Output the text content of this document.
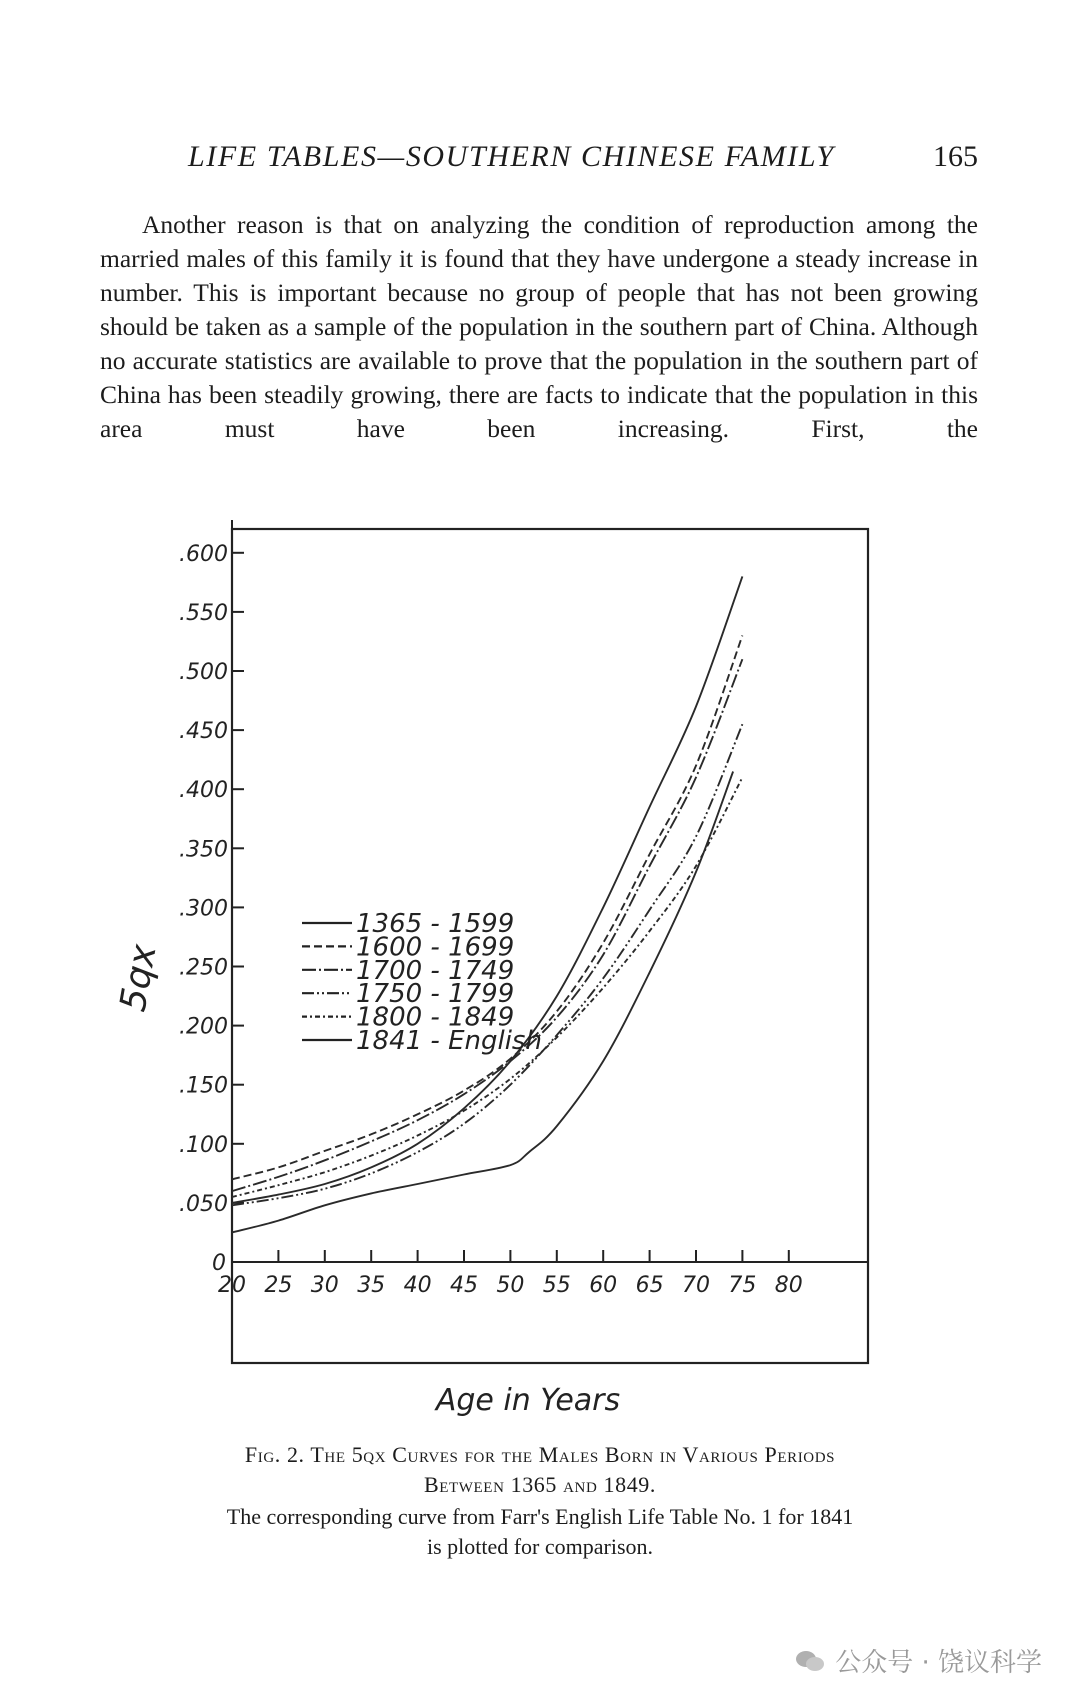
LIFE TABLES—SOUTHERN CHINESE FAMILY	165

Another reason is that on analyzing the condition of reproduction among the married males of this family it is found that they have undergone a steady increase in number. This is important because no group of people that has not been growing should be taken as a sample of the population in the southern part of China. Although no accurate statistics are available to prove that the population in the southern part of China has been steadily growing, there are facts to indicate that the population in this area must have been increasing. First, the

.050
.100
.150
.200
.250
.300
.350
.400
.450
.500
.550
.600
0
20 25 30 35 40 45 50 55 60 65 70 75 80
1365 - 1599
1600 - 1699
1700 - 1749
1750 - 1799
1800 - 1849
1841 - English
Age in Years
5qx
Fig. 2. The 5qx Curves for the Males Born in Various Periods
Between 1365 and 1849.
The corresponding curve from Farr's English Life Table No. 1 for 1841
is plotted for comparison.
公众号 · 饶议科学
